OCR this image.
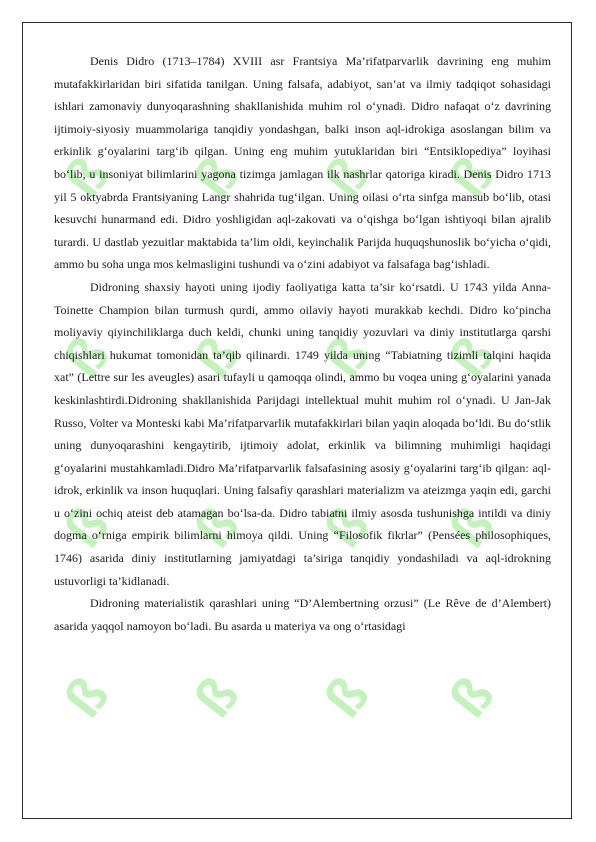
ß
ß
ß
ß
ß
ß
ß
ß
ß
ß
ß
ß
ß
ß
ß
ß

Denis Didro (1713–1784) XVIII asr Frantsiya Ma’rifatparvarlik davrining eng muhim mutafakkirlaridan biri sifatida tanilgan. Uning falsafa, adabiyot, san’at va ilmiy tadqiqot sohasidagi ishlari zamonaviy dunyoqarashning shakllanishida muhim rol o‘ynadi. Didro nafaqat o‘z davrining ijtimoiy-siyosiy muammolariga tanqidiy yondashgan, balki inson aql-idrokiga asoslangan bilim va erkinlik g‘oyalarini targ‘ib qilgan. Uning eng muhim yutuklaridan biri “Entsiklopediya” loyihasi bo‘lib, u insoniyat bilimlarini yagona tizimga jamlagan ilk nashrlar qatoriga kiradi. Denis Didro 1713 yil 5 oktyabrda Frantsiyaning Langr shahrida tug‘ilgan. Uning oilasi o‘rta sinfga mansub bo‘lib, otasi kesuvchi hunarmand edi. Didro yoshligidan aql-zakovati va o‘qishga bo‘lgan ishtiyoqi bilan ajralib turardi. U dastlab yezuitlar maktabida ta’lim oldi, keyinchalik Parijda huquqshunoslik bo‘yicha o‘qidi, ammo bu soha unga mos kelmasligini tushundi va o‘zini adabiyot va falsafaga bag‘ishladi.

Didroning shaxsiy hayoti uning ijodiy faoliyatiga katta ta’sir ko‘rsatdi. U 1743 yilda Anna-Toinette Champion bilan turmush qurdi, ammo oilaviy hayoti murakkab kechdi. Didro ko‘pincha moliyaviy qiyinchiliklarga duch keldi, chunki uning tanqidiy yozuvlari va diniy institutlarga qarshi chiqishlari hukumat tomonidan ta’qib qilinardi. 1749 yilda uning “Tabiatning tizimli talqini haqida xat” (Lettre sur les aveugles) asari tufayli u qamoqqa olindi, ammo bu voqea uning g‘oyalarini yanada keskinlashtirdi.Didroning shakllanishida Parijdagi intellektual muhit muhim rol o‘ynadi. U Jan-Jak Russo, Volter va Monteski kabi Ma’rifatparvarlik mutafakkirlari bilan yaqin aloqada bo‘ldi. Bu do‘stlik uning dunyoqarashini kengaytirib, ijtimoiy adolat, erkinlik va bilimning muhimligi haqidagi g‘oyalarini mustahkamladi.Didro Ma’rifatparvarlik falsafasining asosiy g‘oyalarini targ‘ib qilgan: aql-idrok, erkinlik va inson huquqlari. Uning falsafiy qarashlari materializm va ateizmga yaqin edi, garchi u o‘zini ochiq ateist deb atamagan bo‘lsa-da. Didro tabiatni ilmiy asosda tushunishga intildi va diniy dogma o‘rniga empirik bilimlarni himoya qildi. Uning “Filosofik fikrlar” (Pensées philosophiques, 1746) asarida diniy institutlarning jamiyatdagi ta’siriga tanqidiy yondashiladi va aql-idrokning ustuvorligi ta’kidlanadi.

Didroning materialistik qarashlari uning “D’Alembertning orzusi” (Le Rêve de d’Alembert) asarida yaqqol namoyon bo‘ladi. Bu asarda u materiya va ong o‘rtasidagi
